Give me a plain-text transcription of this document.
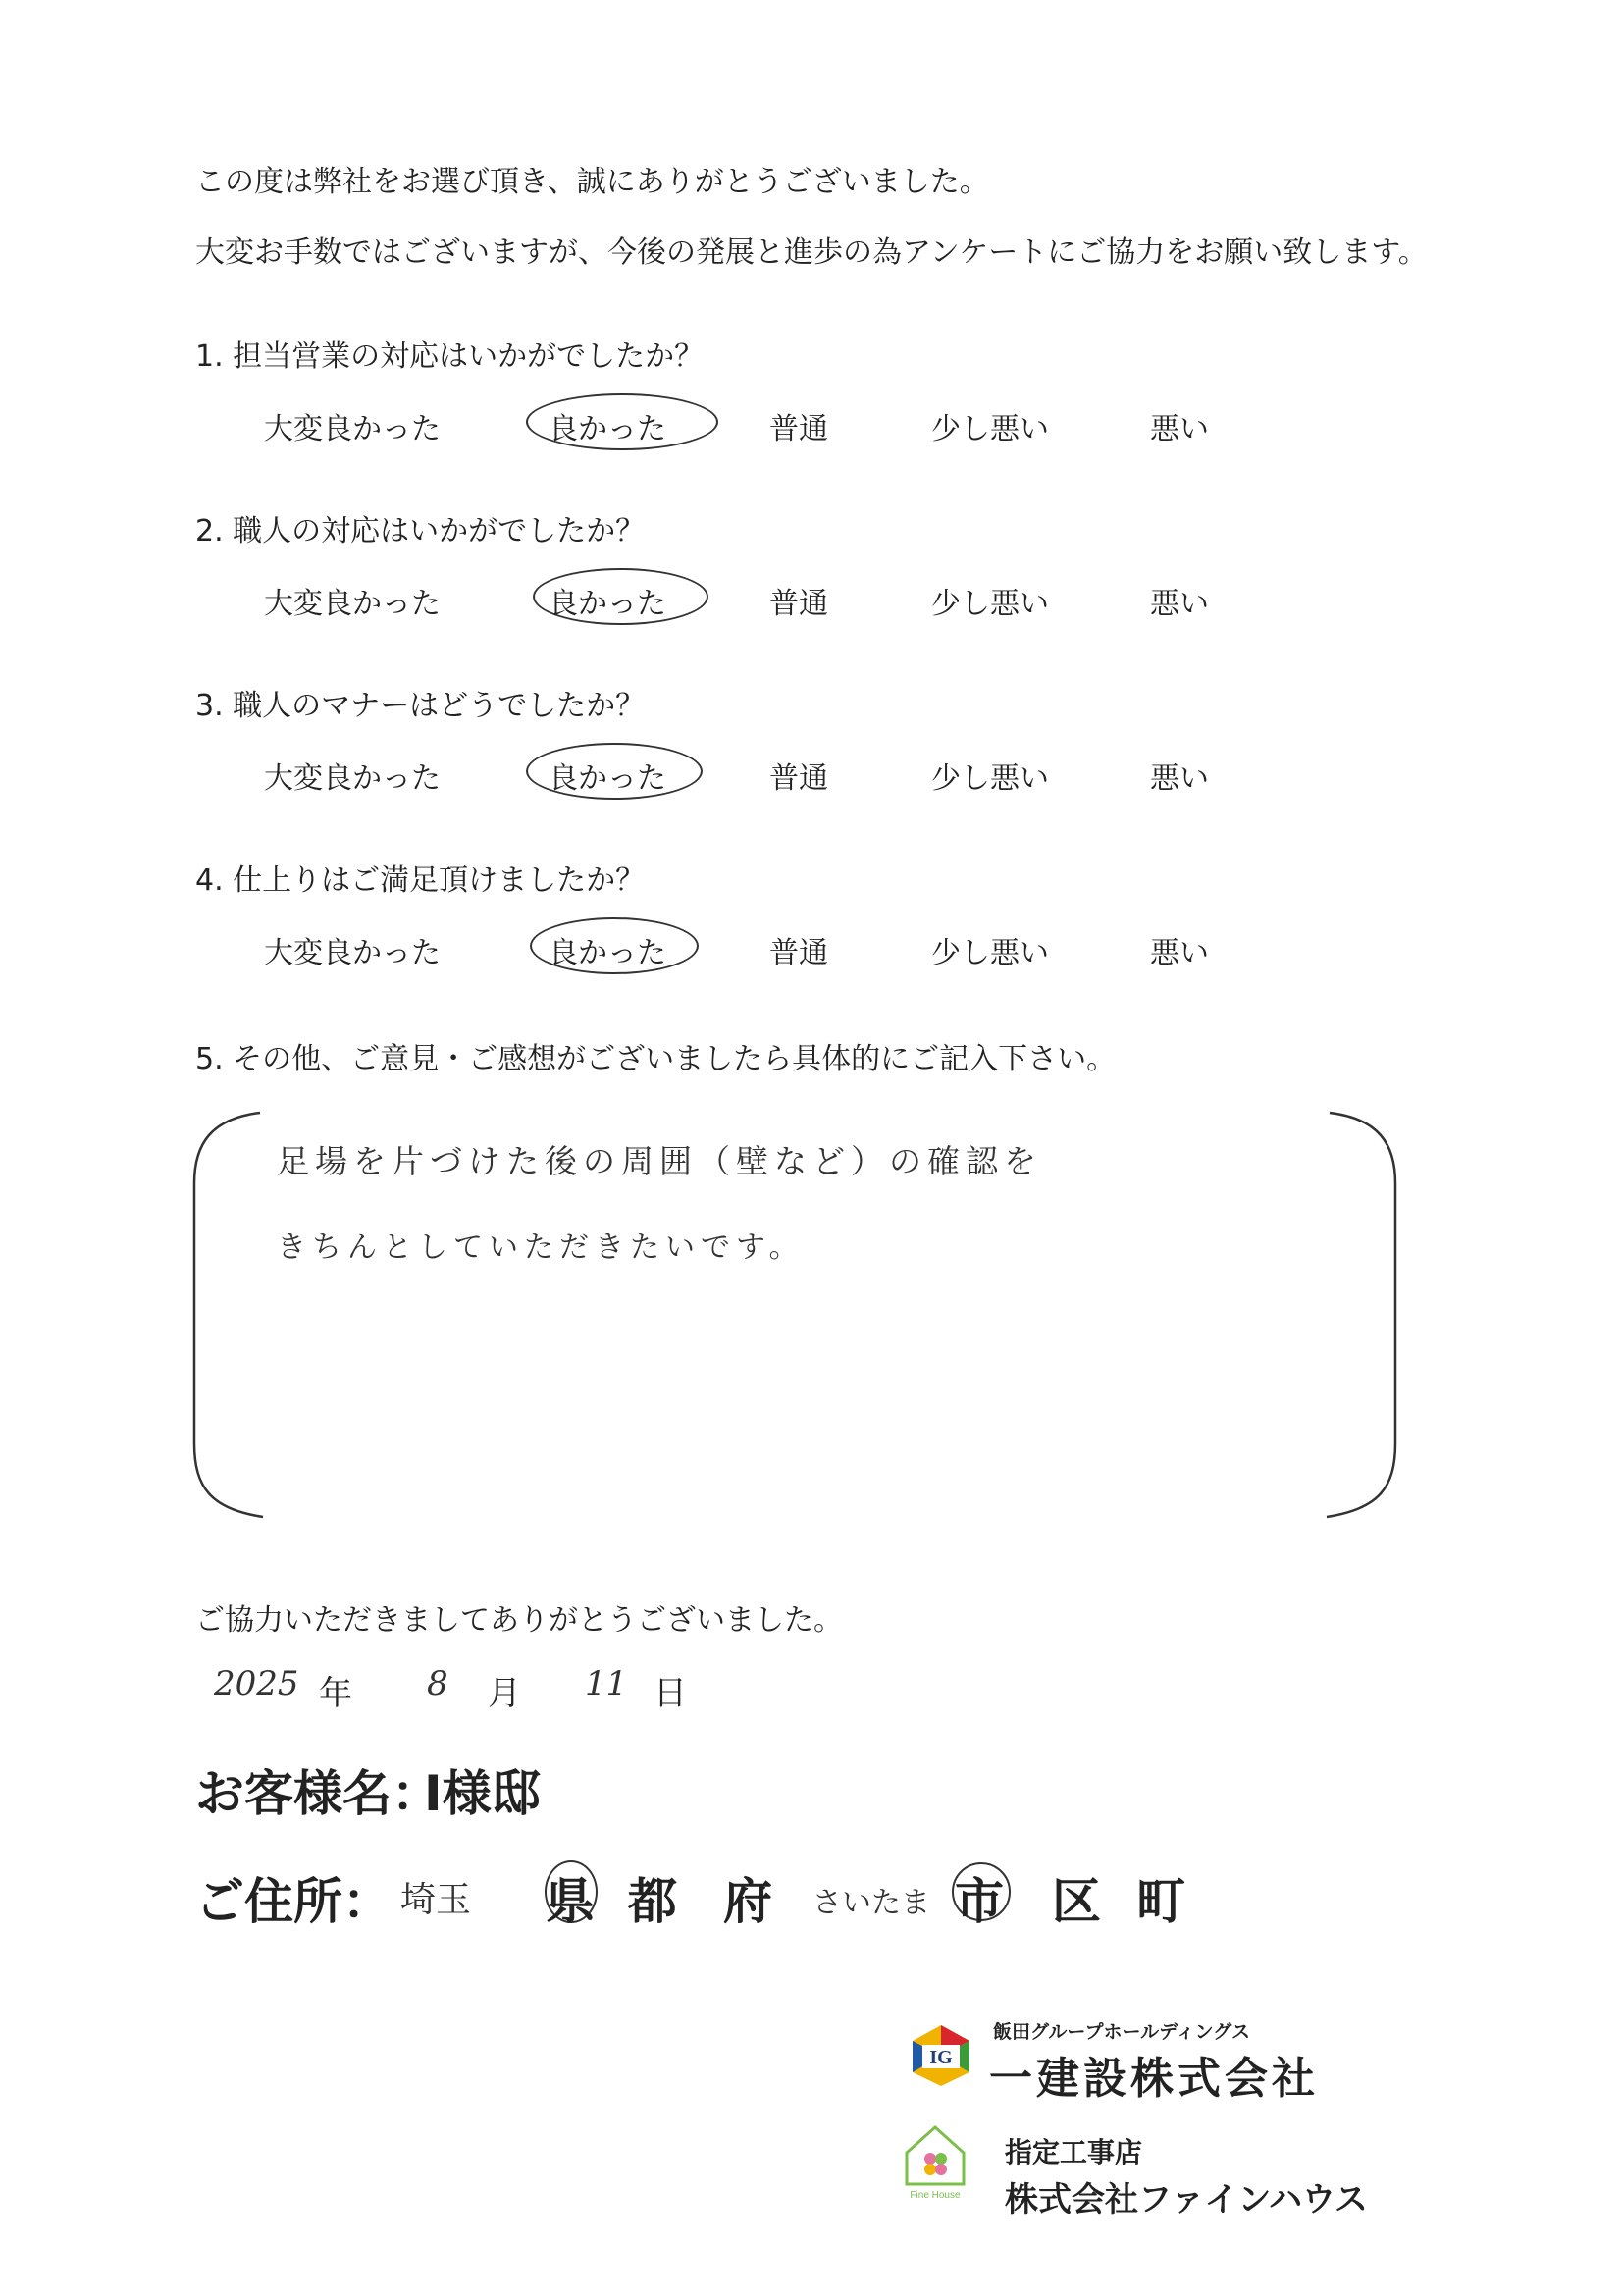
この度は弊社をお選び頂き、誠にありがとうございました。
大変お手数ではございますが、今後の発展と進歩の為アンケートにご協力をお願い致します。
1. 担当営業の対応はいかがでしたか？
大変良かった	良かった	普通	少し悪い	悪い
2. 職人の対応はいかがでしたか？
大変良かった	良かった	普通	少し悪い	悪い
3. 職人のマナーはどうでしたか？
大変良かった	良かった	普通	少し悪い	悪い
4. 仕上りはご満足頂けましたか？
大変良かった	良かった	普通	少し悪い	悪い
5. その他、ご意見・ご感想がございましたら具体的にご記入下さい。
足場を片づけた後の周囲（壁など）の確認を
きちんとしていただきたいです。
ご協力いただきましてありがとうございました。
2025 年 8 月 11 日
お客様名：
I様邸
ご住所： 埼玉 県 都 府 さいたま 市 区 町
IG
飯田グループホールディングス
一建設株式会社
Fine House
指定工事店
株式会社ファインハウス
